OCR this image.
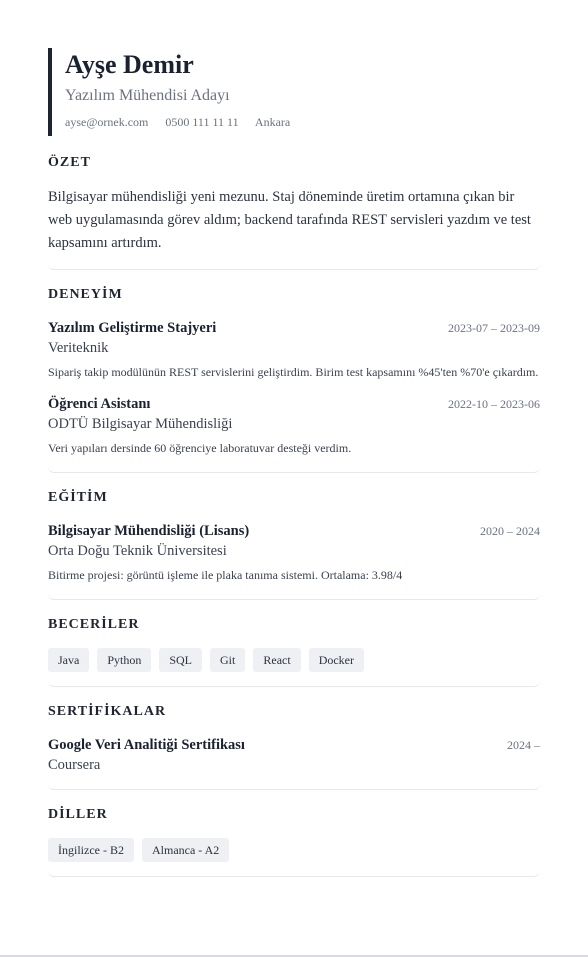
Ayşe Demir
Yazılım Mühendisi Adayı
ayse@ornek.com 0500 111 11 11 Ankara
ÖZET

Bilgisayar mühendisliği yeni mezunu. Staj döneminde üretim ortamına çıkan bir web uygulamasında görev aldım; backend tarafında REST servisleri yazdım ve test kapsamını artırdım.

DENEYİM
Yazılım Geliştirme Stajyeri	2023-07 – 2023-09
Veriteknik
Sipariş takip modülünün REST servislerini geliştirdim. Birim test kapsamını %45'ten %70'e çıkardım.
Öğrenci Asistanı	2022-10 – 2023-06
ODTÜ Bilgisayar Mühendisliği
Veri yapıları dersinde 60 öğrenciye laboratuvar desteği verdim.
EĞİTİM
Bilgisayar Mühendisliği (Lisans)	2020 – 2024
Orta Doğu Teknik Üniversitesi
Bitirme projesi: görüntü işleme ile plaka tanıma sistemi. Ortalama: 3.98/4
BECERİLER
Java	Python	SQL	Git	React	Docker
SERTİFİKALAR
Google Veri Analitiği Sertifikası	2024 –
Coursera
DİLLER
İngilizce - B2	Almanca - A2
